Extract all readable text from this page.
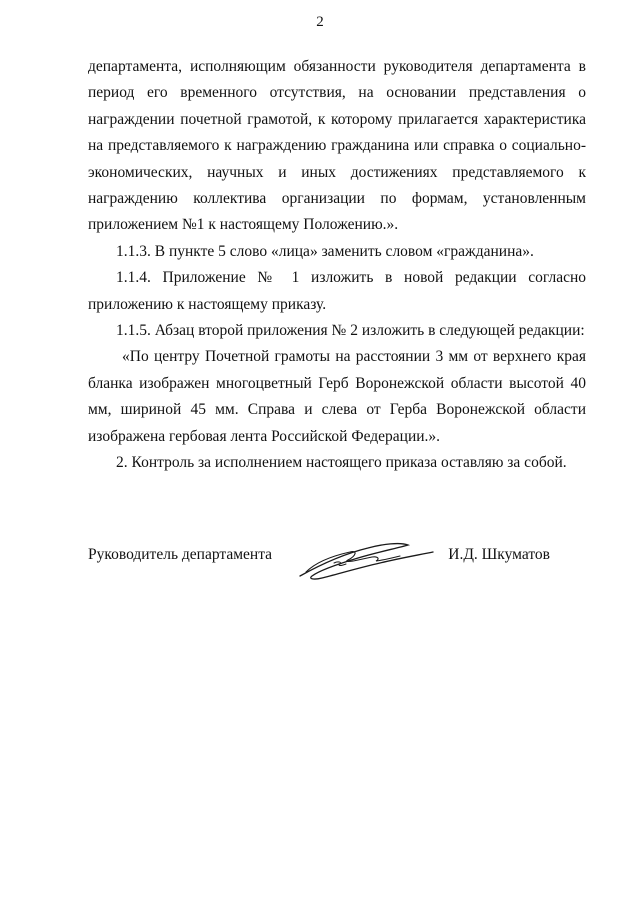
2

департамента, исполняющим обязанности руководителя департамента в период его временного отсутствия, на основании представления о награждении почетной грамотой, к которому прилагается характеристика на представляемого к награждению гражданина или справка о социально-экономических, научных и иных достижениях представляемого к награждению коллектива организации по формам, установленным приложением №1 к настоящему Положению.».

1.1.3. В пункте 5 слово «лица» заменить словом «гражданина».

1.1.4. Приложение № 1 изложить в новой редакции согласно приложению к настоящему приказу.

1.1.5. Абзац второй приложения № 2 изложить в следующей редакции:

«По центру Почетной грамоты на расстоянии 3 мм от верхнего края бланка изображен многоцветный Герб Воронежской области высотой 40 мм, шириной 45 мм. Справа и слева от Герба Воронежской области изображена гербовая лента Российской Федерации.».

2. Контроль за исполнением настоящего приказа оставляю за собой.

Руководитель департамента	И.Д. Шкуматов
